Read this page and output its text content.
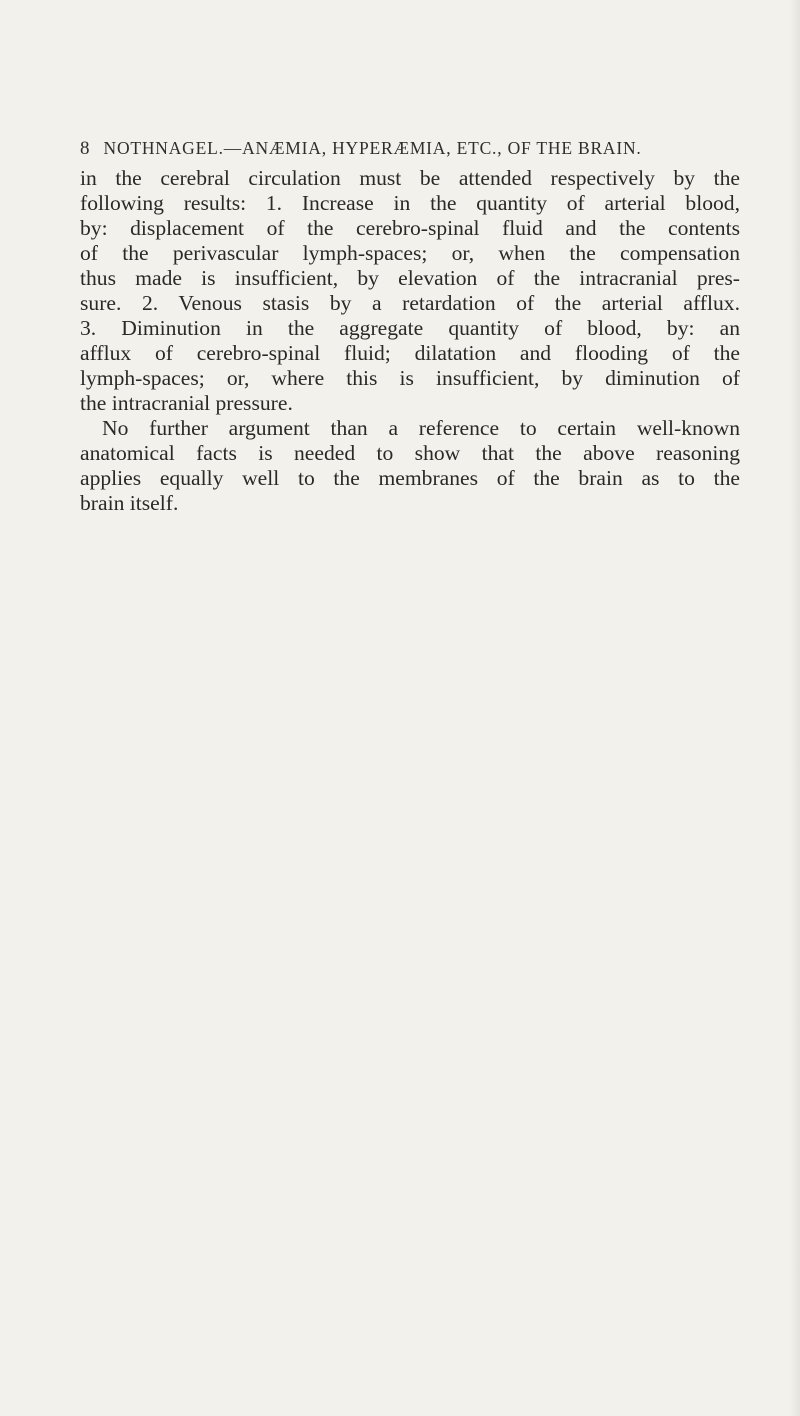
8 NOTHNAGEL.—ANÆMIA, HYPERÆMIA, ETC., OF THE BRAIN.
in the cerebral circulation must be attended respectively by the
following results: 1. Increase in the quantity of arterial blood,
by: displacement of the cerebro-spinal fluid and the contents
of the perivascular lymph-spaces; or, when the compensation
thus made is insufficient, by elevation of the intracranial pres-
sure. 2. Venous stasis by a retardation of the arterial afflux.
3. Diminution in the aggregate quantity of blood, by: an
afflux of cerebro-spinal fluid; dilatation and flooding of the
lymph-spaces; or, where this is insufficient, by diminution of
the intracranial pressure.
No further argument than a reference to certain well-known
anatomical facts is needed to show that the above reasoning
applies equally well to the membranes of the brain as to the
brain itself.
